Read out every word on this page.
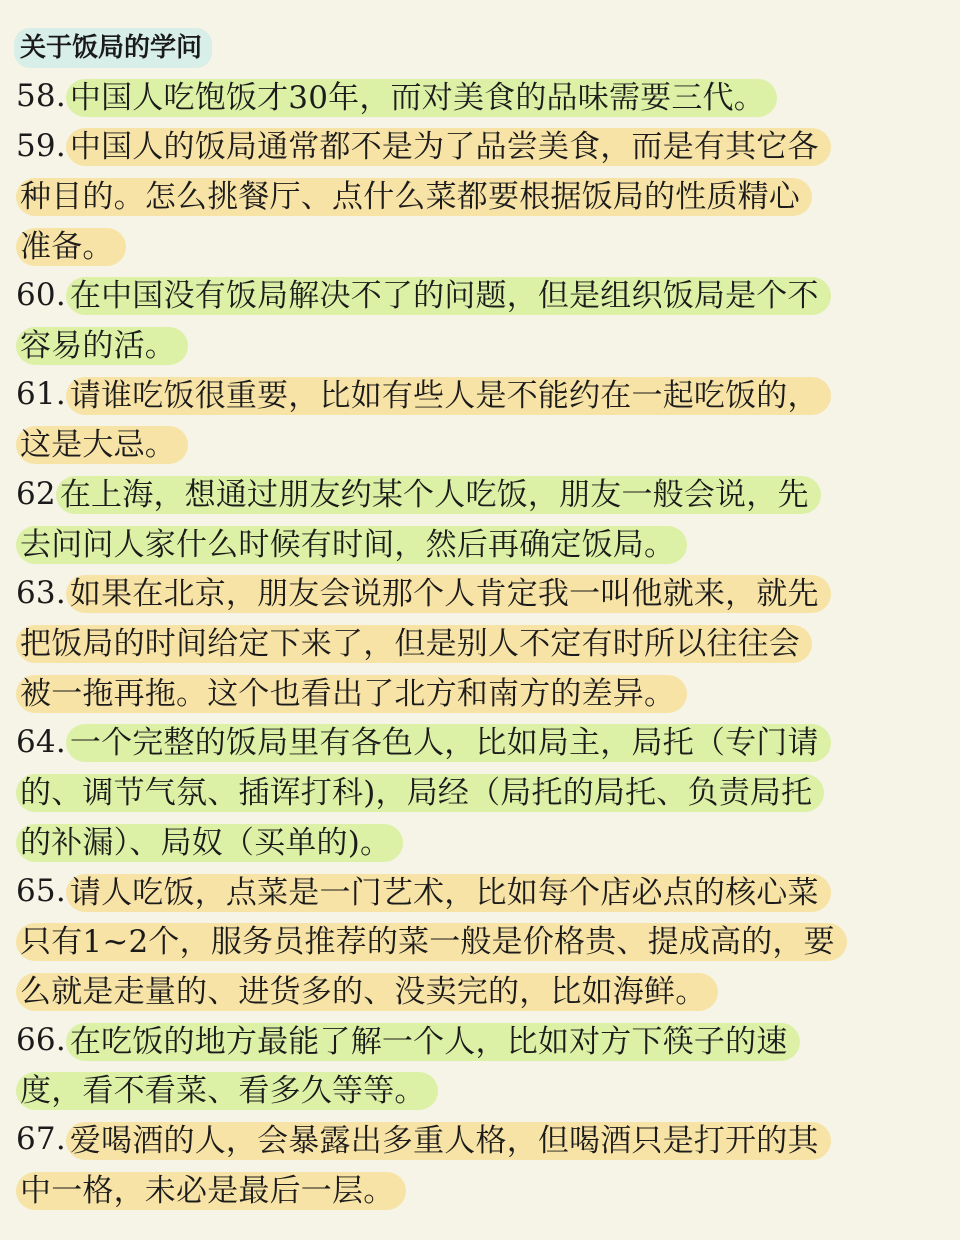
关于饭局的学问
58. 中国人吃饱饭才30年，而对美食的品味需要三代。
59. 中国人的饭局通常都不是为了品尝美食，而是有其它各
种目的。怎么挑餐厅、点什么菜都要根据饭局的性质精心
准备。
60. 在中国没有饭局解决不了的问题，但是组织饭局是个不
容易的活。
61. 请谁吃饭很重要，比如有些人是不能约在一起吃饭的，
这是大忌。
62 在上海，想通过朋友约某个人吃饭，朋友一般会说，先
去问问人家什么时候有时间，然后再确定饭局。
63. 如果在北京，朋友会说那个人肯定我一叫他就来，就先
把饭局的时间给定下来了，但是别人不定有时所以往往会
被一拖再拖。这个也看出了北方和南方的差异。
64. 一个完整的饭局里有各色人，比如局主，局托（专门请
的、调节气氛、插诨打科)，局经（局托的局托、负责局托
的补漏）、局奴（买单的)。
65. 请人吃饭，点菜是一门艺术，比如每个店必点的核心菜
只有1~2个，服务员推荐的菜一般是价格贵、提成高的，要
么就是走量的、进货多的、没卖完的，比如海鲜。
66. 在吃饭的地方最能了解一个人，比如对方下筷子的速
度，看不看菜、看多久等等。
67. 爱喝酒的人，会暴露出多重人格，但喝酒只是打开的其
中一格，未必是最后一层。
